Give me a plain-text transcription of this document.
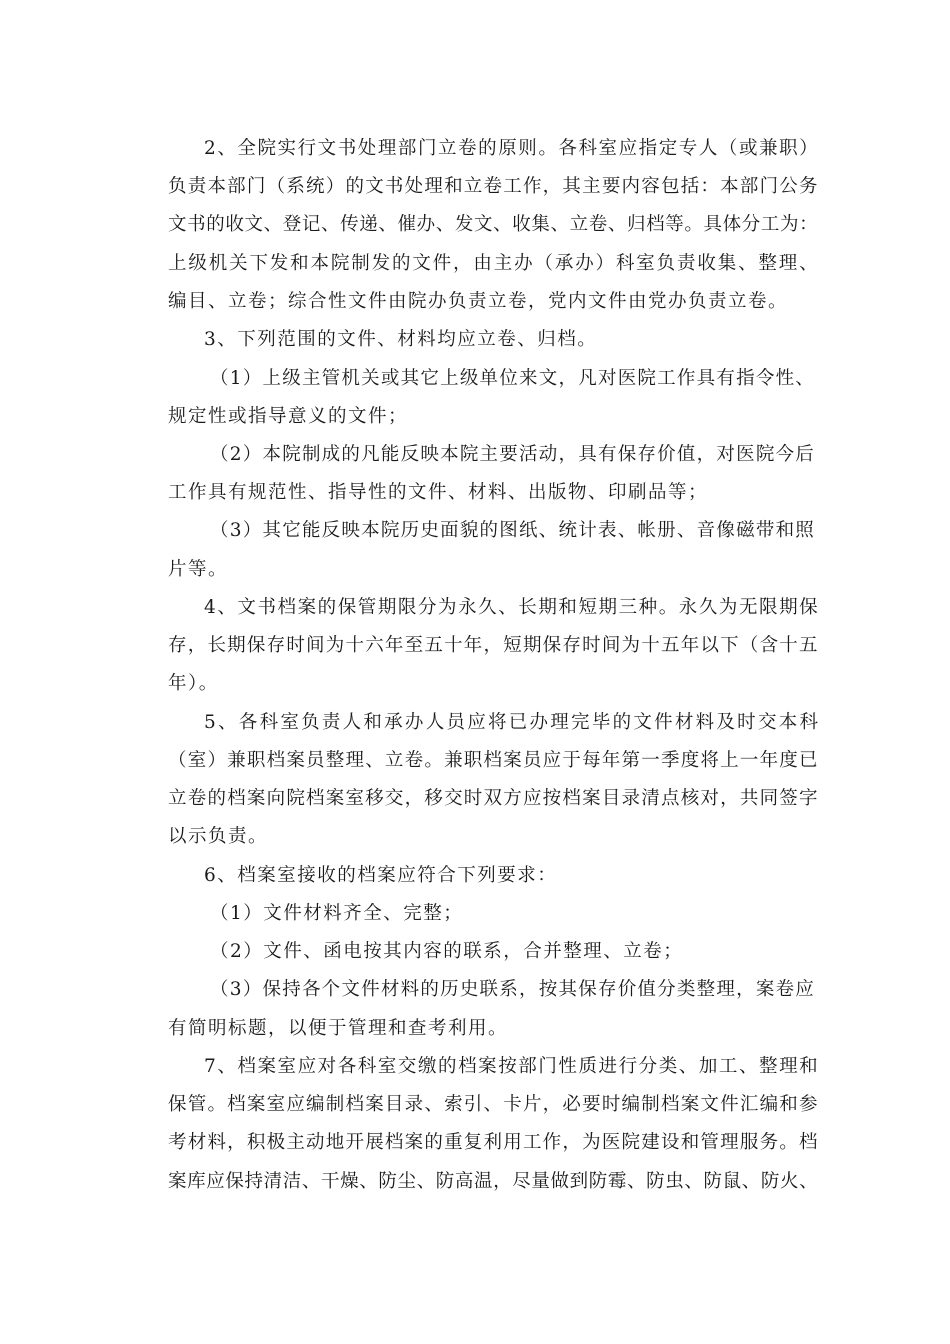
2 、 全 院 实 行 文 书 处 理 部 门 立 卷 的 原 则 。 各 科 室 应 指 定 专 人 （ 或 兼 职 ）
负 责 本 部 门 （ 系 统 ） 的 文 书 处 理 和 立 卷 工 作 ， 其 主 要 内 容 包 括 ： 本 部 门 公 务
文 书 的 收 文 、 登 记 、 传 递 、 催 办 、 发 文 、 收 集 、 立 卷 、 归 档 等 。 具 体 分 工 为 ：
上 级 机 关 下 发 和 本 院 制 发 的 文 件 ， 由 主 办 （ 承 办 ） 科 室 负 责 收 集 、 整 理 、
编目、立卷；综合性文件由院办负责立卷，党内文件由党办负责立卷。
3、下列范围的文件、材料均应立卷、归档。
（ 1 ） 上 级 主 管 机 关 或 其 它 上 级 单 位 来 文 ， 凡 对 医 院 工 作 具 有 指 令 性 、
规定性或指导意义的文件；
（ 2 ） 本 院 制 成 的 凡 能 反 映 本 院 主 要 活 动 ， 具 有 保 存 价 值 ， 对 医 院 今 后
工作具有规范性、指导性的文件、材料、出版物、印刷品等；
（ 3 ） 其 它 能 反 映 本 院 历 史 面 貌 的 图 纸 、 统 计 表 、 帐 册 、 音 像 磁 带 和 照
片等。
4 、 文 书 档 案 的 保 管 期 限 分 为 永 久 、 长 期 和 短 期 三 种 。 永 久 为 无 限 期 保
存 ， 长 期 保 存 时 间 为 十 六 年 至 五 十 年 ， 短 期 保 存 时 间 为 十 五 年 以 下 （ 含 十 五
年）。
5 、 各 科 室 负 责 人 和 承 办 人 员 应 将 已 办 理 完 毕 的 文 件 材 料 及 时 交 本 科
（ 室 ） 兼 职 档 案 员 整 理 、 立 卷 。 兼 职 档 案 员 应 于 每 年 第 一 季 度 将 上 一 年 度 已
立 卷 的 档 案 向 院 档 案 室 移 交 ， 移 交 时 双 方 应 按 档 案 目 录 清 点 核 对 ， 共 同 签 字
以示负责。
6、档案室接收的档案应符合下列要求：
（1）文件材料齐全、完整；
（2）文件、函电按其内容的联系，合并整理、立卷；
（ 3 ） 保 持 各 个 文 件 材 料 的 历 史 联 系 ， 按 其 保 存 价 值 分 类 整 理 ， 案 卷 应
有简明标题，以便于管理和查考利用。
7 、 档 案 室 应 对 各 科 室 交 缴 的 档 案 按 部 门 性 质 进 行 分 类 、 加 工 、 整 理 和
保 管 。 档 案 室 应 编 制 档 案 目 录 、 索 引 、 卡 片 ， 必 要 时 编 制 档 案 文 件 汇 编 和 参
考 材 料 ， 积 极 主 动 地 开 展 档 案 的 重 复 利 用 工 作 ， 为 医 院 建 设 和 管 理 服 务 。 档
案 库 应 保 持 清 洁 、 干 燥 、 防 尘 、 防 高 温 ， 尽 量 做 到 防 霉 、 防 虫 、 防 鼠 、 防 火 、
